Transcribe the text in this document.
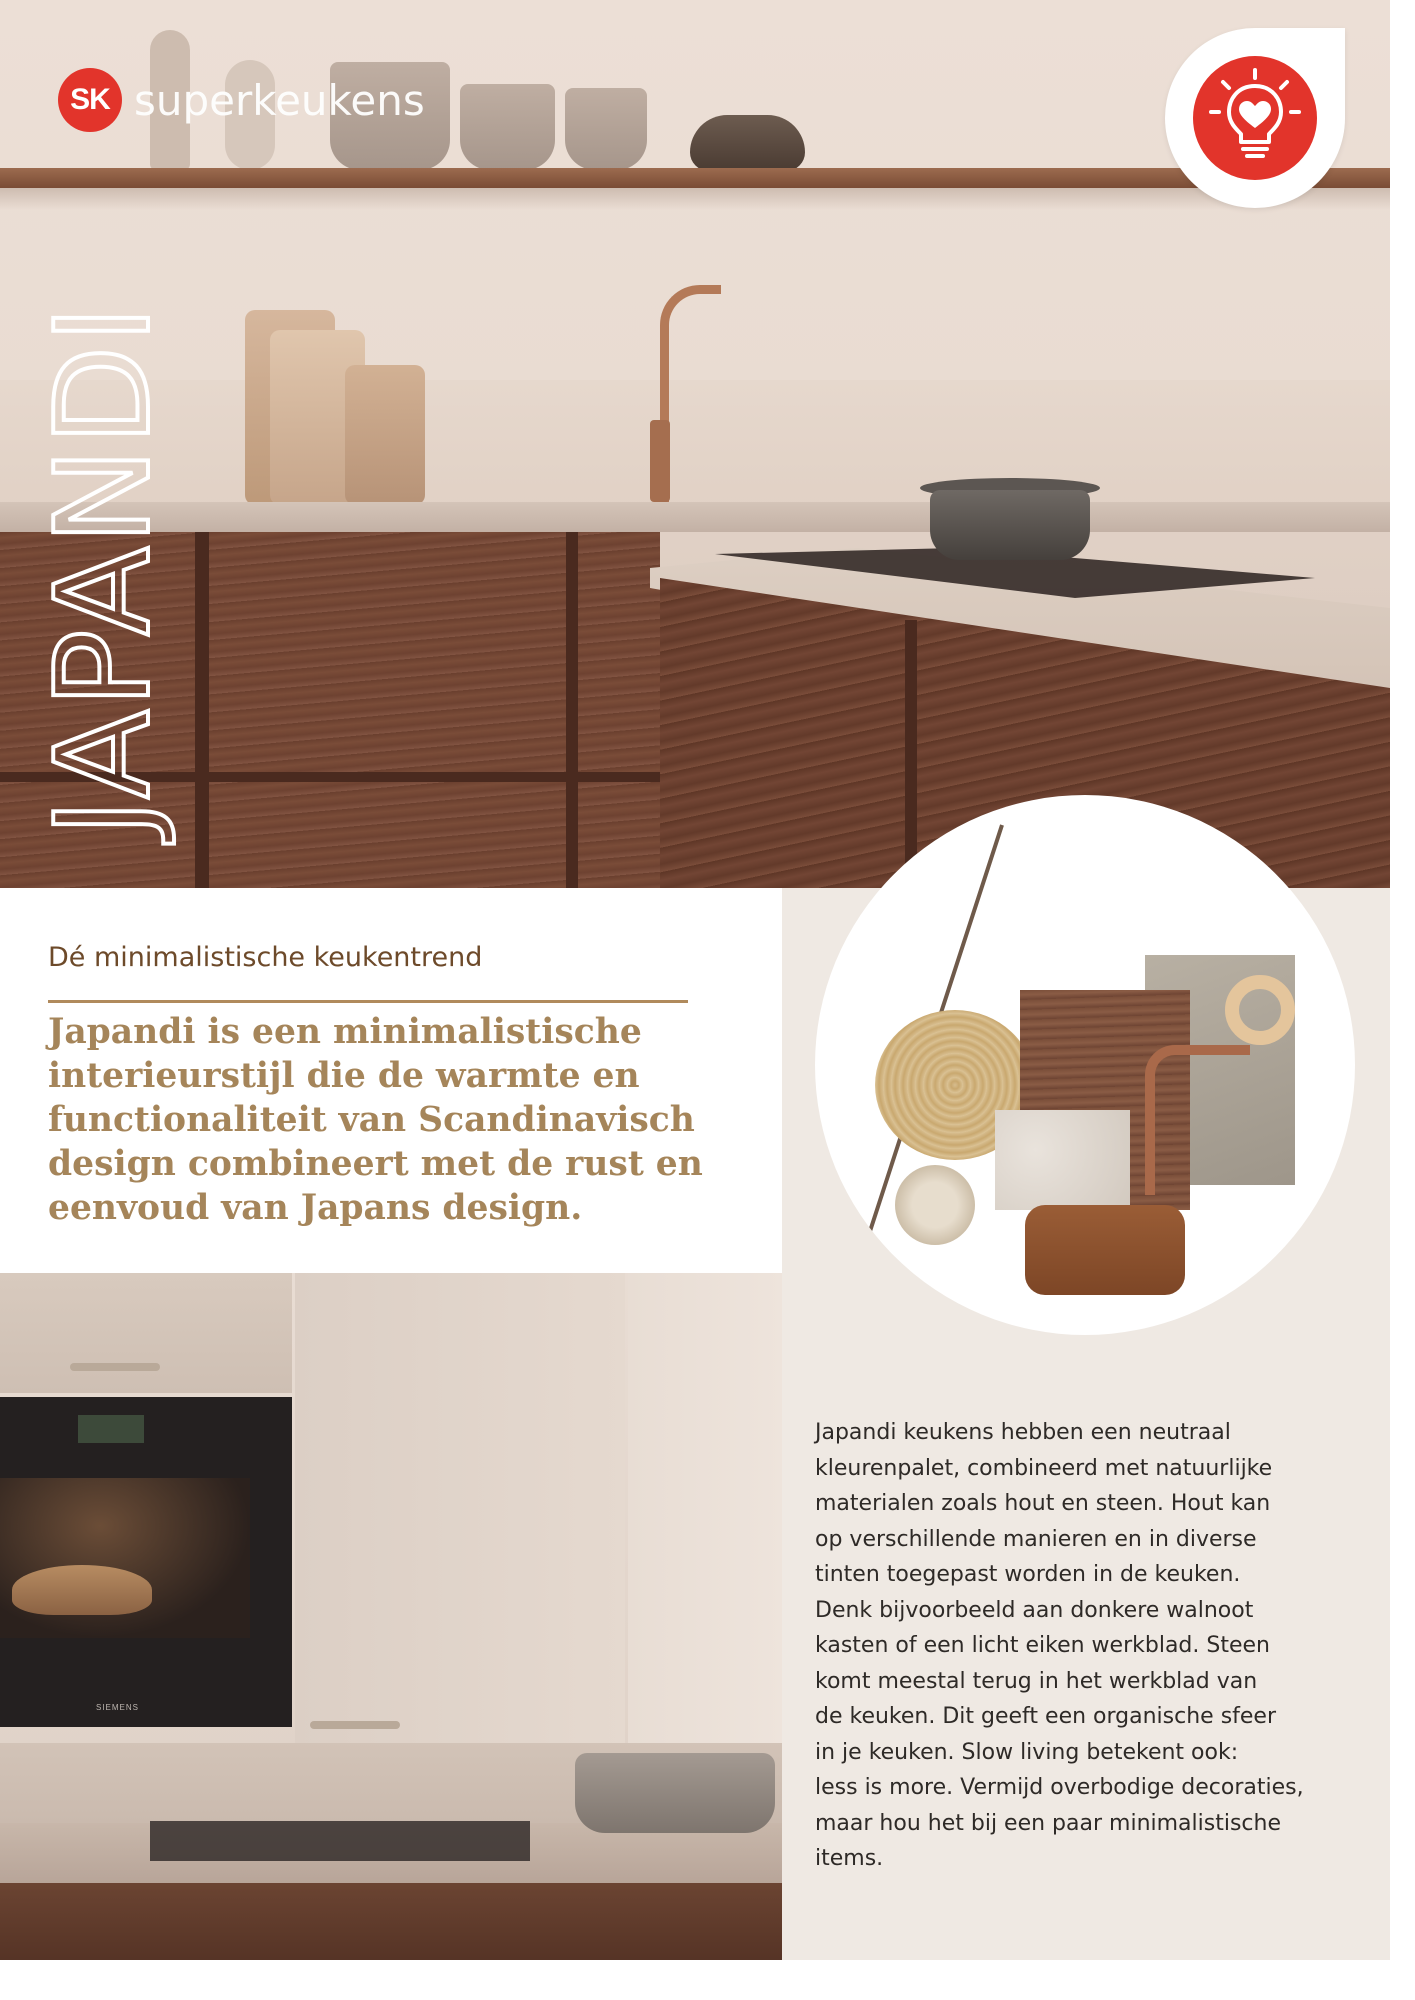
JAPANDI
SK superkeukens
Dé minimalistische keukentrend
Japandi is een minimalistische interieurstijl die de warmte en functionaliteit van Scandinavisch design combineert met de rust en eenvoud van Japans design.
SIEMENS

Japandi keukens hebben een neutraal

kleurenpalet, combineerd met natuurlijke

materialen zoals hout en steen. Hout kan

op verschillende manieren en in diverse

tinten toegepast worden in de keuken.

Denk bijvoorbeeld aan donkere walnoot

kasten of een licht eiken werkblad. Steen

komt meestal terug in het werkblad van

de keuken. Dit geeft een organische sfeer

in je keuken. Slow living betekent ook:

less is more. Vermijd overbodige decoraties,

maar hou het bij een paar minimalistische

items.
